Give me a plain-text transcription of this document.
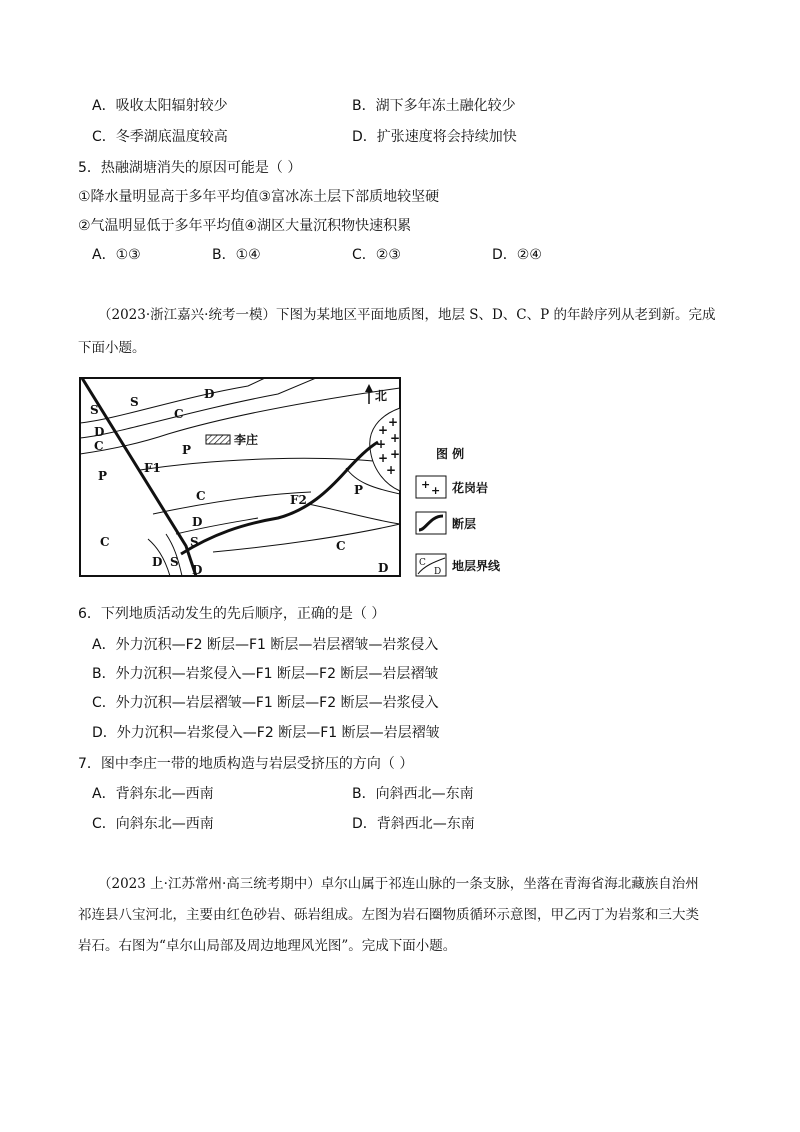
A．吸收太阳辐射较少	B．湖下多年冻土融化较少
C．冬季湖底温度较高	D．扩张速度将会持续加快
5．热融湖塘消失的原因可能是（ ）
①降水量明显高于多年平均值③富冰冻土层下部质地较坚硬
②气温明显低于多年平均值④湖区大量沉积物快速积累
A．①③	B．①④	C．②③	D．②④
（2023·浙江嘉兴·统考一模）下图为某地区平面地质图，地层 S、D、C、P 的年龄序列从老到新。完成
下面小题。
+
+
+ +
+ +
+
S
S
D
C
D
C	P
P
C
D
S
C
D S
D
P
C
D
F1
F2
李庄
北
图 例
+ + 花岗岩
断层
C
D 地层界线
6．下列地质活动发生的先后顺序，正确的是（ ）
A．外力沉积—F2 断层—F1 断层—岩层褶皱—岩浆侵入
B．外力沉积—岩浆侵入—F1 断层—F2 断层—岩层褶皱
C．外力沉积—岩层褶皱—F1 断层—F2 断层—岩浆侵入
D．外力沉积—岩浆侵入—F2 断层—F1 断层—岩层褶皱
7．图中李庄一带的地质构造与岩层受挤压的方向（ ）
A．背斜东北—西南	B．向斜西北—东南
C．向斜东北—西南	D．背斜西北—东南
（2023 上·江苏常州·高三统考期中）卓尔山属于祁连山脉的一条支脉，坐落在青海省海北藏族自治州
祁连县八宝河北，主要由红色砂岩、砾岩组成。左图为岩石圈物质循环示意图，甲乙丙丁为岩浆和三大类
岩石。右图为“卓尔山局部及周边地理风光图”。完成下面小题。
